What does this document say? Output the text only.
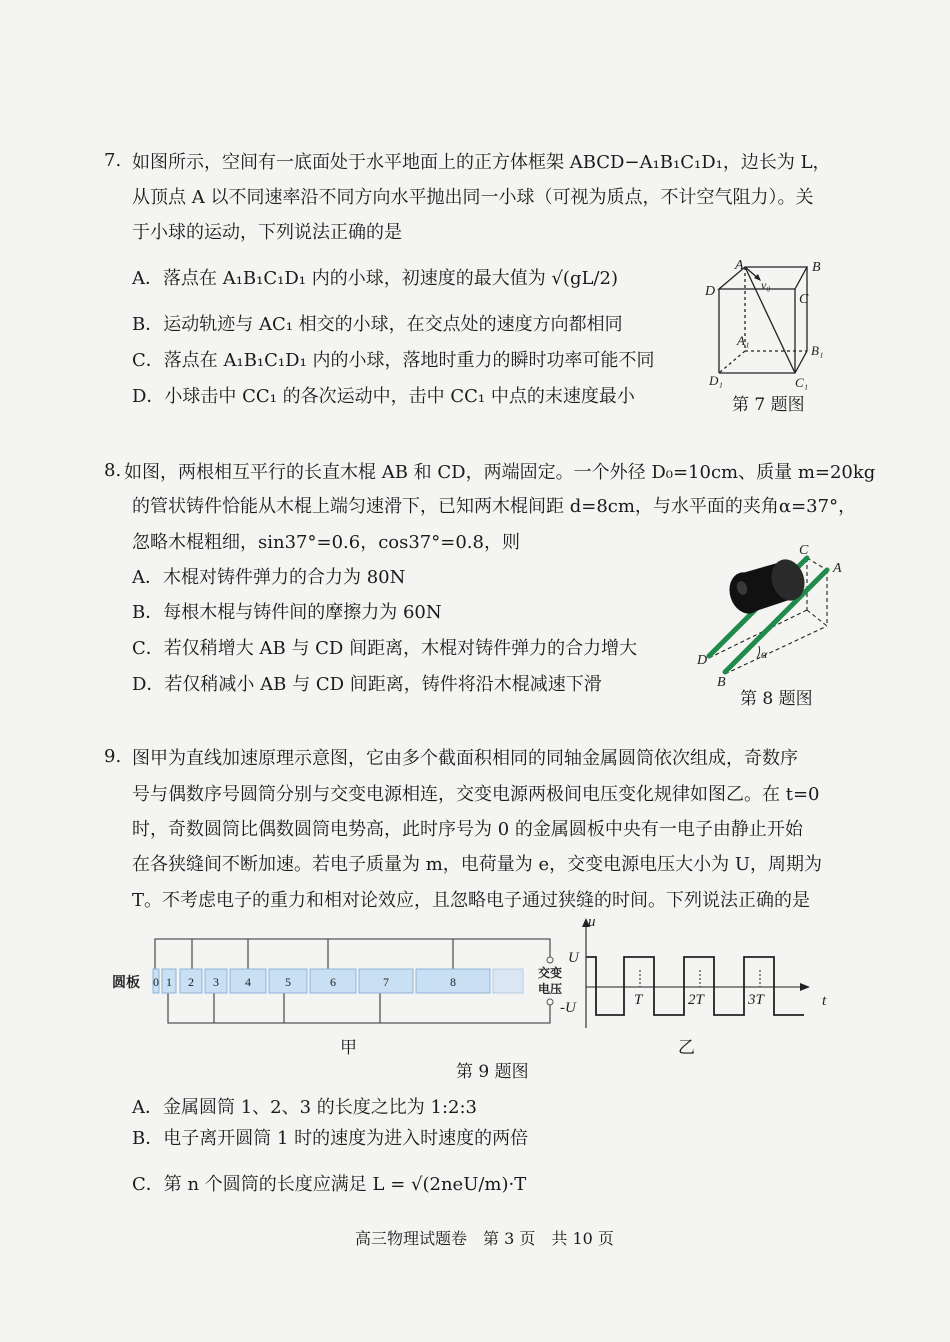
7. 如图所示，空间有一底面处于水平地面上的正方体框架 ABCD−A₁B₁C₁D₁，边长为 L，
从顶点 A 以不同速率沿不同方向水平抛出同一小球（可视为质点，不计空气阻力）。关
于小球的运动，下列说法正确的是
A．落点在 A₁B₁C₁D₁ 内的小球，初速度的最大值为 √(gL/2)
B．运动轨迹与 AC₁ 相交的小球，在交点处的速度方向都相同
C．落点在 A₁B₁C₁D₁ 内的小球，落地时重力的瞬时功率可能不同
D．小球击中 CC₁ 的各次运动中，击中 CC₁ 中点的末速度最小
A	B
C
D
A₁
B₁
C₁
D₁
v₀
第 7 题图
8. 如图，两根相互平行的长直木棍 AB 和 CD，两端固定。一个外径 D₀=10cm、质量 m=20kg
的管状铸件恰能从木棍上端匀速滑下，已知两木棍间距 d=8cm，与水平面的夹角α=37°，
忽略木棍粗细，sin37°=0.6，cos37°=0.8，则
A．木棍对铸件弹力的合力为 80N
B．每根木棍与铸件间的摩擦力为 60N
C．若仅稍增大 AB 与 CD 间距离，木棍对铸件弹力的合力增大
D．若仅稍减小 AB 与 CD 间距离，铸件将沿木棍减速下滑
C
A
D
B
α
第 8 题图
9. 图甲为直线加速原理示意图，它由多个截面积相同的同轴金属圆筒依次组成，奇数序
号与偶数序号圆筒分别与交变电源相连，交变电源两极间电压变化规律如图乙。在 t=0
时，奇数圆筒比偶数圆筒电势高，此时序号为 0 的金属圆板中央有一电子由静止开始
在各狭缝间不断加速。若电子质量为 m，电荷量为 e，交变电源电压大小为 U，周期为
T。不考虑电子的重力和相对论效应，且忽略电子通过狭缝的时间。下列说法正确的是
0 1 2 3 4	5	6	7	8
圆板
交变
电压
u
t
U
-U	T	2T	3T
甲	乙
第 9 题图
A．金属圆筒 1、2、3 的长度之比为 1:2:3
B．电子离开圆筒 1 时的速度为进入时速度的两倍
C．第 n 个圆筒的长度应满足 L = √(2neU/m)·T
高三物理试题卷　第 3 页　共 10 页
